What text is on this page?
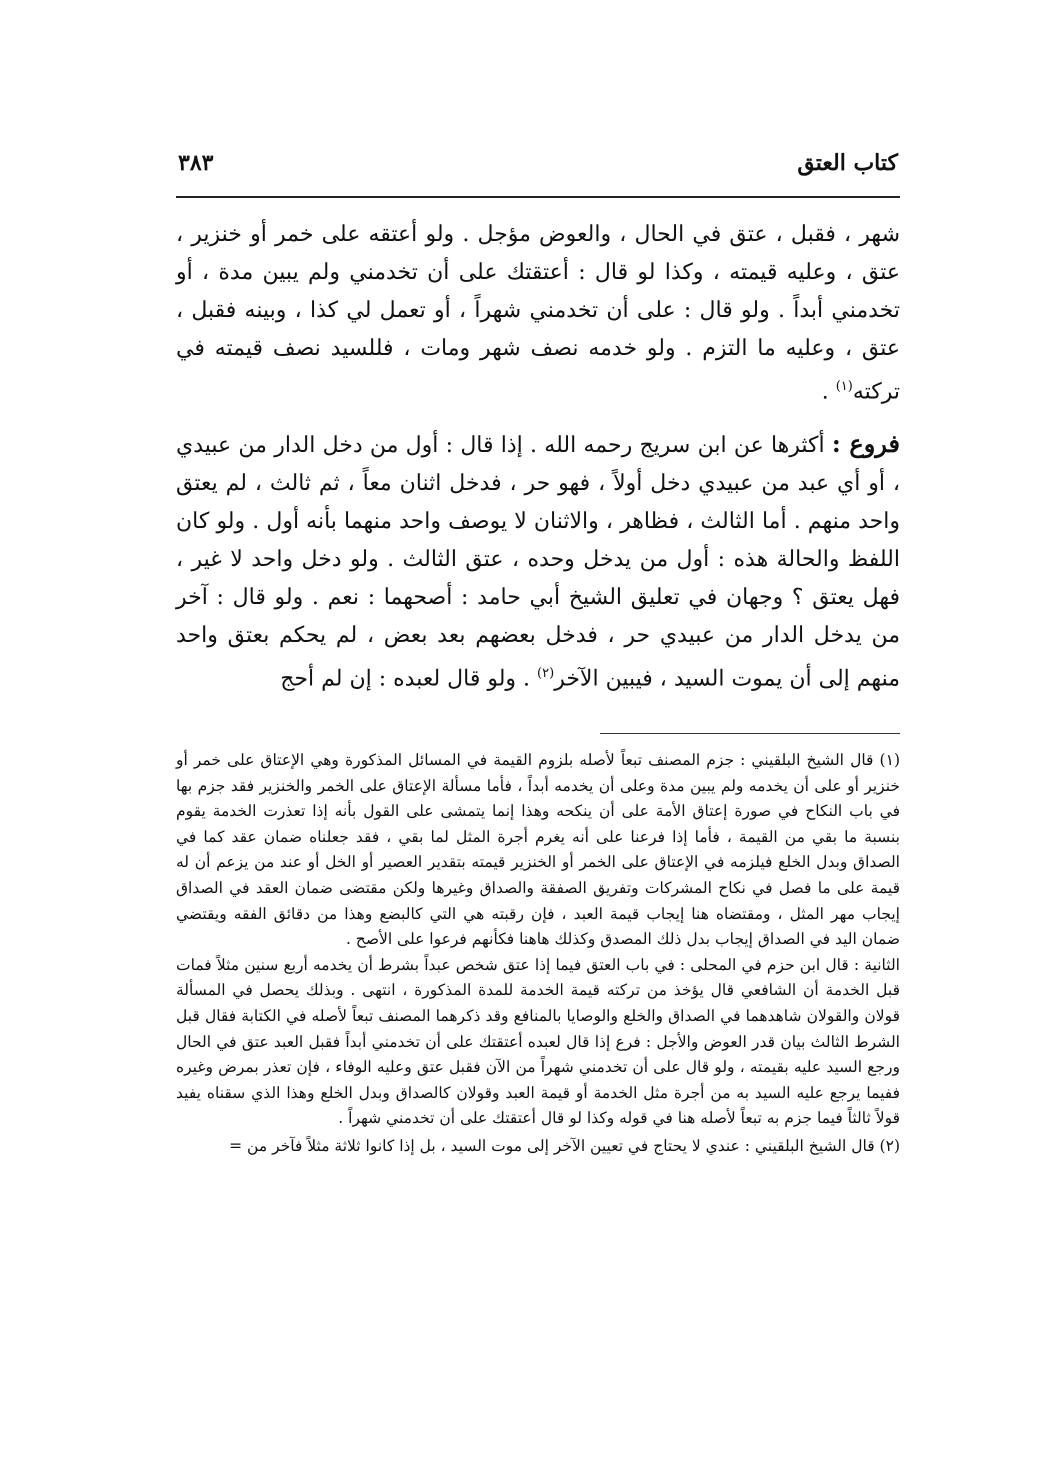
كتاب العتق
٣٨٣

شهر ، فقبل ، عتق في الحال ، والعوض مؤجل . ولو أعتقه على خمر أو خنزير ، عتق ، وعليه قيمته ، وكذا لو قال : أعتقتك على أن تخدمني ولم يبين مدة ، أو تخدمني أبداً . ولو قال : على أن تخدمني شهراً ، أو تعمل لي كذا ، وبينه فقبل ، عتق ، وعليه ما التزم . ولو خدمه نصف شهر ومات ، فللسيد نصف قيمته في تركته$^{(١)}$ .

فروع : أكثرها عن ابن سريج رحمه الله . إذا قال : أول من دخل الدار من عبيدي ، أو أي عبد من عبيدي دخل أولاً ، فهو حر ، فدخل اثنان معاً ، ثم ثالث ، لم يعتق واحد منهم . أما الثالث ، فظاهر ، والاثنان لا يوصف واحد منهما بأنه أول . ولو كان اللفظ والحالة هذه : أول من يدخل وحده ، عتق الثالث . ولو دخل واحد لا غير ، فهل يعتق ؟ وجهان في تعليق الشيخ أبي حامد : أصحهما : نعم . ولو قال : آخر من يدخل الدار من عبيدي حر ، فدخل بعضهم بعد بعض ، لم يحكم بعتق واحد منهم إلى أن يموت السيد ، فيبين الآخر$^{(٢)}$ . ولو قال لعبده : إن لم أحج

(١) قال الشيخ البلقيني : جزم المصنف تبعاً لأصله بلزوم القيمة في المسائل المذكورة وهي الإعتاق على خمر أو خنزير أو على أن يخدمه ولم يبين مدة وعلى أن يخدمه أبداً ، فأما مسألة الإعتاق على الخمر والخنزير فقد جزم بها في باب النكاح في صورة إعتاق الأمة على أن ينكحه وهذا إنما يتمشى على القول بأنه إذا تعذرت الخدمة يقوم بنسبة ما بقي من القيمة ، فأما إذا فرعنا على أنه يغرم أجرة المثل لما بقي ، فقد جعلناه ضمان عقد كما في الصداق وبدل الخلع فيلزمه في الإعتاق على الخمر أو الخنزير قيمته بتقدير العصير أو الخل أو عند من يزعم أن له قيمة على ما فصل في نكاح المشركات وتفريق الصفقة والصداق وغيرها ولكن مقتضى ضمان العقد في الصداق إيجاب مهر المثل ، ومقتضاه هنا إيجاب قيمة العبد ، فإن رقبته هي التي كالبضع وهذا من دقائق الفقه ويقتضي ضمان اليد في الصداق إيجاب بدل ذلك المصدق وكذلك هاهنا فكأنهم فرعوا على الأصح .

الثانية : قال ابن حزم في المحلى : في باب العتق فيما إذا عتق شخص عبداً بشرط أن يخدمه أربع سنين مثلاً فمات قبل الخدمة أن الشافعي قال يؤخذ من تركته قيمة الخدمة للمدة المذكورة ، انتهى . وبذلك يحصل في المسألة قولان والقولان شاهدهما في الصداق والخلع والوصايا بالمنافع وقد ذكرهما المصنف تبعاً لأصله في الكتابة فقال قبل الشرط الثالث بيان قدر العوض والأجل : فرع إذا قال لعبده أعتقتك على أن تخدمني أبداً فقبل العبد عتق في الحال ورجع السيد عليه بقيمته ، ولو قال على أن تخدمني شهراً من الآن فقبل عتق وعليه الوفاء ، فإن تعذر بمرض وغيره ففيما يرجع عليه السيد به من أجرة مثل الخدمة أو قيمة العبد وقولان كالصداق وبدل الخلع وهذا الذي سقناه يفيد قولاً ثالثاً فيما جزم به تبعاً لأصله هنا في قوله وكذا لو قال أعتقتك على أن تخدمني شهراً .

(٢) قال الشيخ البلقيني : عندي لا يحتاج في تعيين الآخر إلى موت السيد ، بل إذا كانوا ثلاثة مثلاً فآخر من =
